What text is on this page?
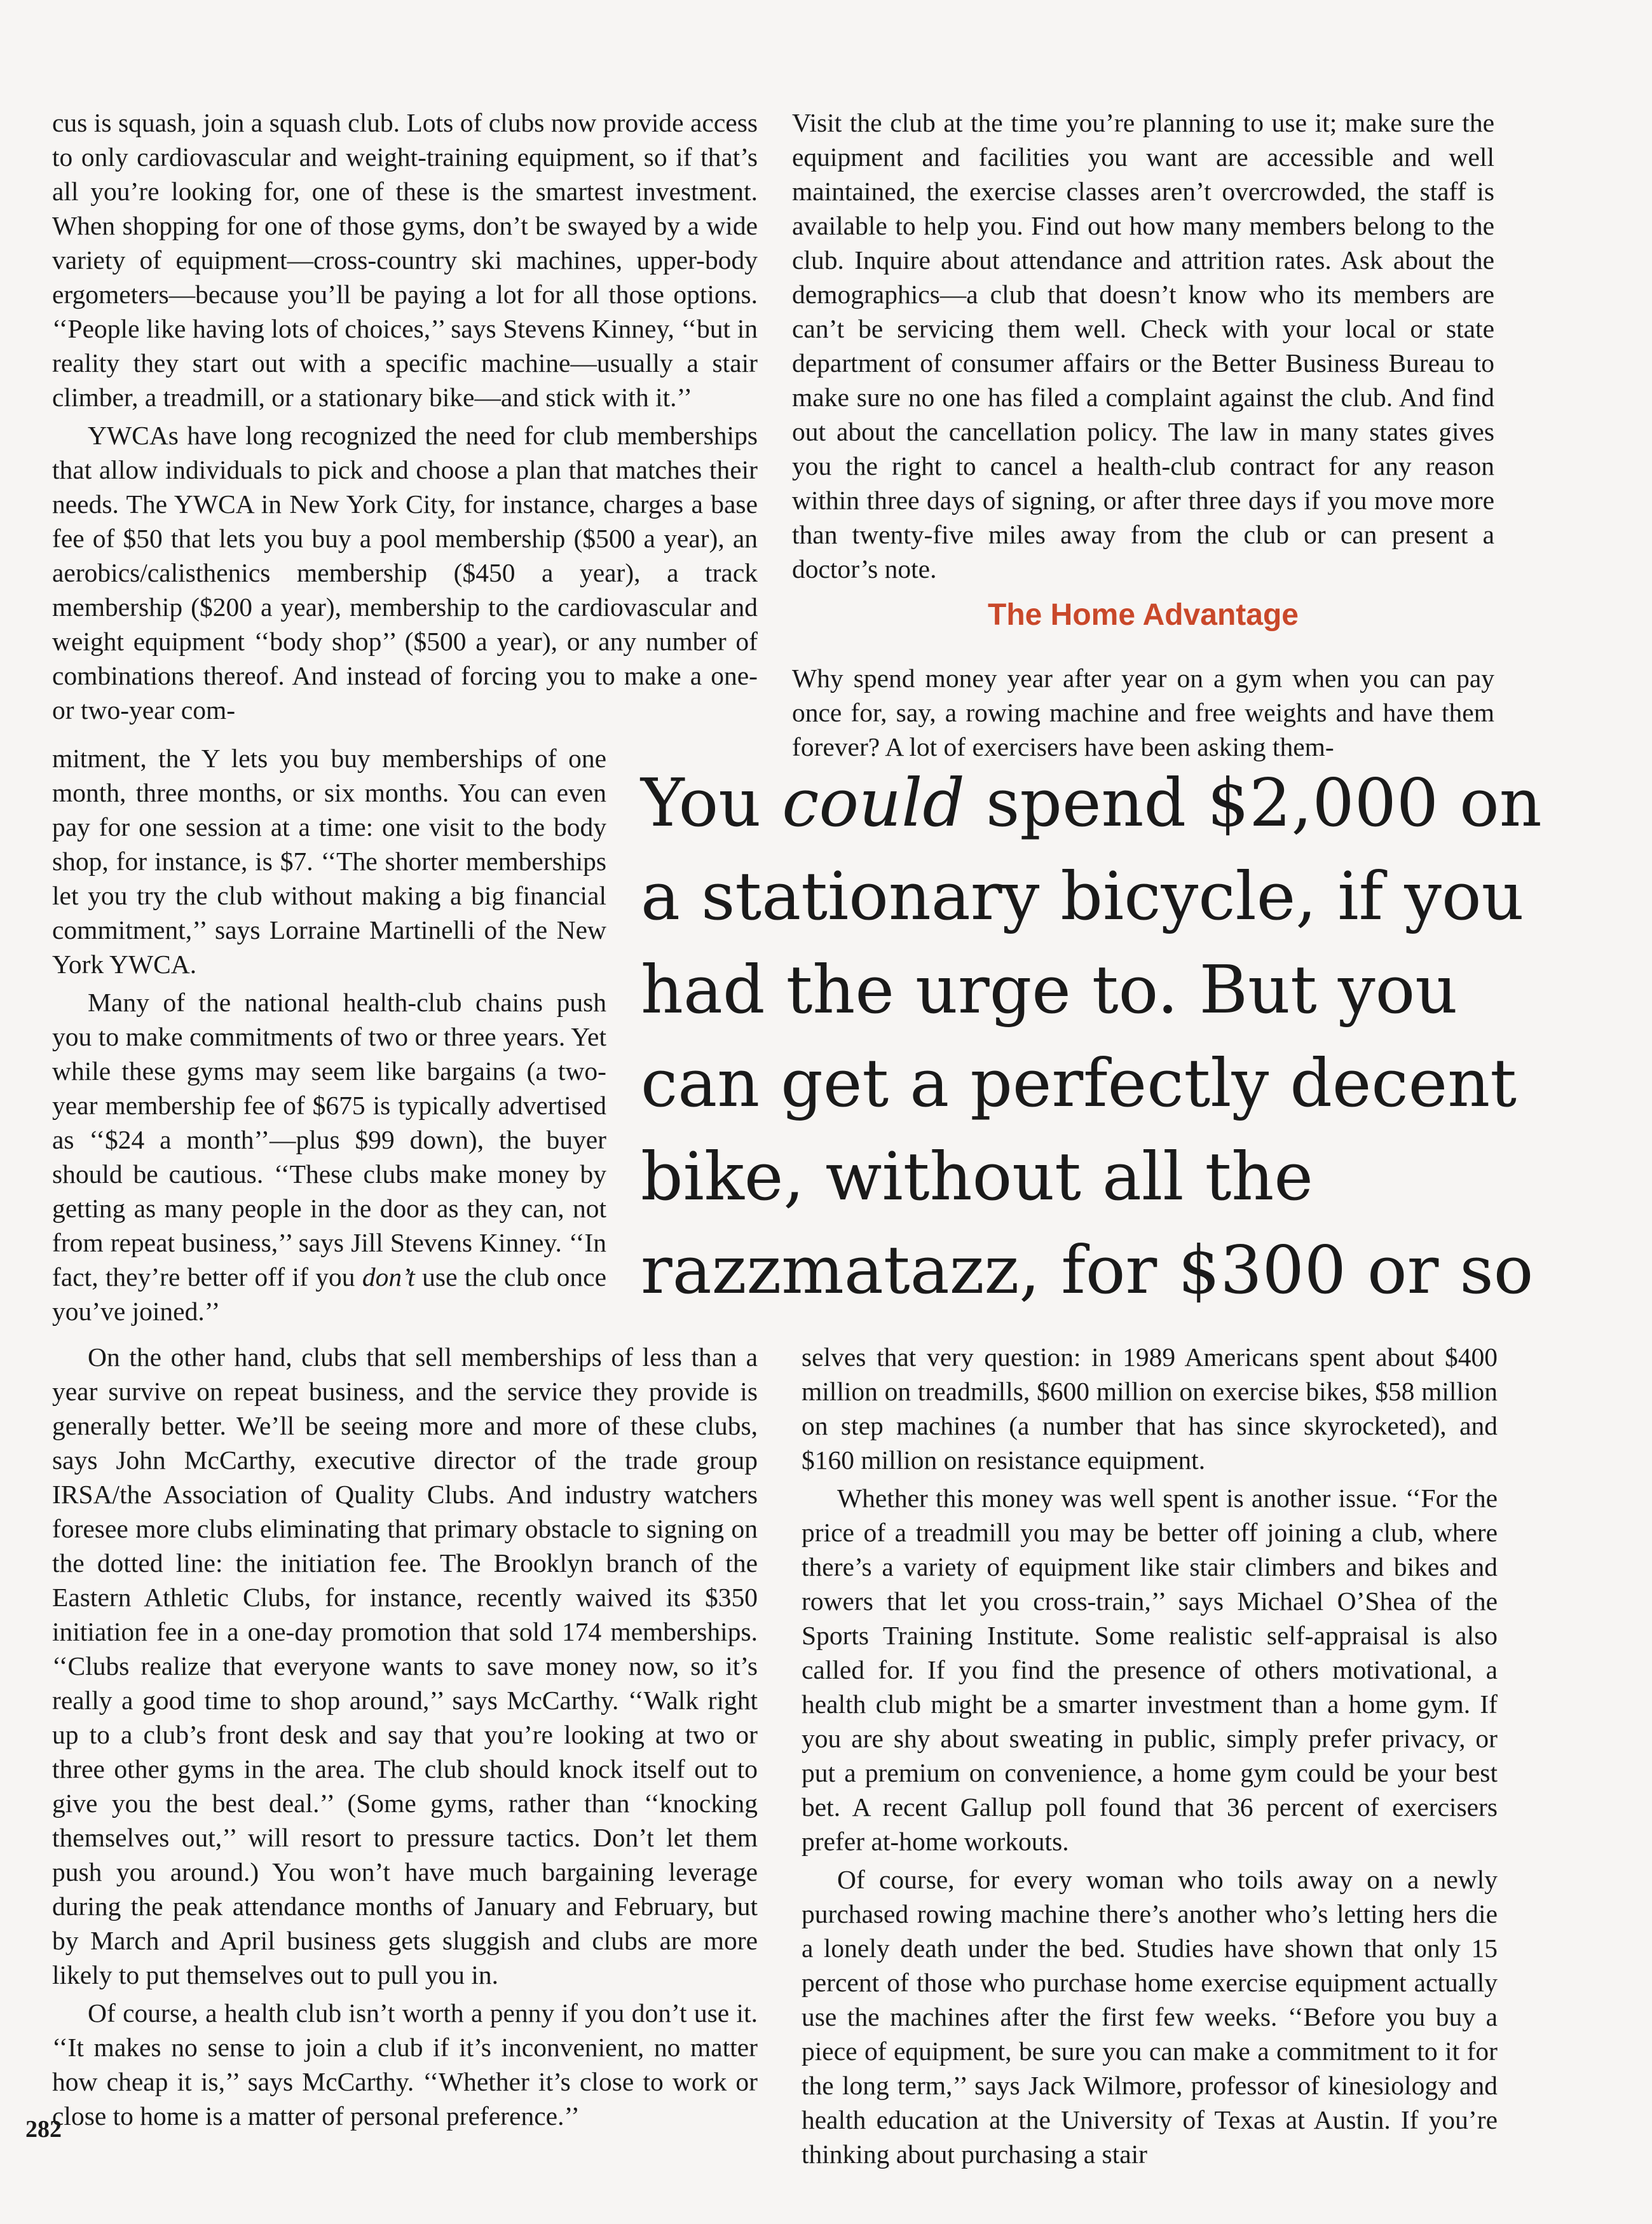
cus is squash, join a squash club. Lots of clubs now provide access to only cardiovascular and weight-training equipment, so if that’s all you’re looking for, one of these is the smartest investment. When shopping for one of those gyms, don’t be swayed by a wide variety of equipment—cross-country ski machines, upper-body ergometers—because you’ll be paying a lot for all those options. ‘‘People like having lots of choices,’’ says Stevens Kinney, ‘‘but in reality they start out with a specific machine—usually a stair climber, a treadmill, or a stationary bike—and stick with it.’’

YWCAs have long recognized the need for club memberships that allow individuals to pick and choose a plan that matches their needs. The YWCA in New York City, for instance, charges a base fee of $50 that lets you buy a pool membership ($500 a year), an aerobics/calisthenics membership ($450 a year), a track membership ($200 a year), membership to the cardiovascular and weight equipment ‘‘body shop’’ ($500 a year), or any number of combinations thereof. And instead of forcing you to make a one- or two-year com-

mitment, the Y lets you buy memberships of one month, three months, or six months. You can even pay for one session at a time: one visit to the body shop, for instance, is $7. ‘‘The shorter memberships let you try the club without making a big financial commitment,’’ says Lorraine Martinelli of the New York YWCA.

Many of the national health-club chains push you to make commitments of two or three years. Yet while these gyms may seem like bargains (a two-year membership fee of $675 is typically advertised as ‘‘$24 a month’’—plus $99 down), the buyer should be cautious. ‘‘These clubs make money by getting as many people in the door as they can, not from repeat business,’’ says Jill Stevens Kinney. ‘‘In fact, they’re better off if you don’t use the club once you’ve joined.’’

On the other hand, clubs that sell memberships of less than a year survive on repeat business, and the service they provide is generally better. We’ll be seeing more and more of these clubs, says John McCarthy, executive director of the trade group IRSA/the Association of Quality Clubs. And industry watchers foresee more clubs eliminating that primary obstacle to signing on the dotted line: the initiation fee. The Brooklyn branch of the Eastern Athletic Clubs, for instance, recently waived its $350 initiation fee in a one-day promotion that sold 174 memberships. ‘‘Clubs realize that everyone wants to save money now, so it’s really a good time to shop around,’’ says McCarthy. ‘‘Walk right up to a club’s front desk and say that you’re looking at two or three other gyms in the area. The club should knock itself out to give you the best deal.’’ (Some gyms, rather than ‘‘knocking themselves out,’’ will resort to pressure tactics. Don’t let them push you around.) You won’t have much bargaining leverage during the peak attendance months of January and February, but by March and April business gets sluggish and clubs are more likely to put themselves out to pull you in.

Of course, a health club isn’t worth a penny if you don’t use it. ‘‘It makes no sense to join a club if it’s inconvenient, no matter how cheap it is,’’ says McCarthy. ‘‘Whether it’s close to work or close to home is a matter of personal preference.’’

Visit the club at the time you’re planning to use it; make sure the equipment and facilities you want are accessible and well maintained, the exercise classes aren’t overcrowded, the staff is available to help you. Find out how many members belong to the club. Inquire about attendance and attrition rates. Ask about the demographics—a club that doesn’t know who its members are can’t be servicing them well. Check with your local or state department of consumer affairs or the Better Business Bureau to make sure no one has filed a complaint against the club. And find out about the cancellation policy. The law in many states gives you the right to cancel a health-club contract for any reason within three days of signing, or after three days if you move more than twenty-five miles away from the club or can present a doctor’s note.

The Home Advantage

Why spend money year after year on a gym when you can pay once for, say, a rowing machine and free weights and have them forever? A lot of exercisers have been asking them-

You could spend $2,000 on a stationary bicycle, if you had the urge to. But you can get a perfectly decent bike, without all the razzmatazz, for $300 or so

selves that very question: in 1989 Americans spent about $400 million on treadmills, $600 million on exercise bikes, $58 million on step machines (a number that has since skyrocketed), and $160 million on resistance equipment.

Whether this money was well spent is another issue. ‘‘For the price of a treadmill you may be better off joining a club, where there’s a variety of equipment like stair climbers and bikes and rowers that let you cross-train,’’ says Michael O’Shea of the Sports Training Institute. Some realistic self-appraisal is also called for. If you find the presence of others motivational, a health club might be a smarter investment than a home gym. If you are shy about sweating in public, simply prefer privacy, or put a premium on convenience, a home gym could be your best bet. A recent Gallup poll found that 36 percent of exercisers prefer at-home workouts.

Of course, for every woman who toils away on a newly purchased rowing machine there’s another who’s letting hers die a lonely death under the bed. Studies have shown that only 15 percent of those who purchase home exercise equipment actually use the machines after the first few weeks. ‘‘Before you buy a piece of equipment, be sure you can make a commitment to it for the long term,’’ says Jack Wilmore, professor of kinesiology and health education at the University of Texas at Austin. If you’re thinking about purchasing a stair

282
